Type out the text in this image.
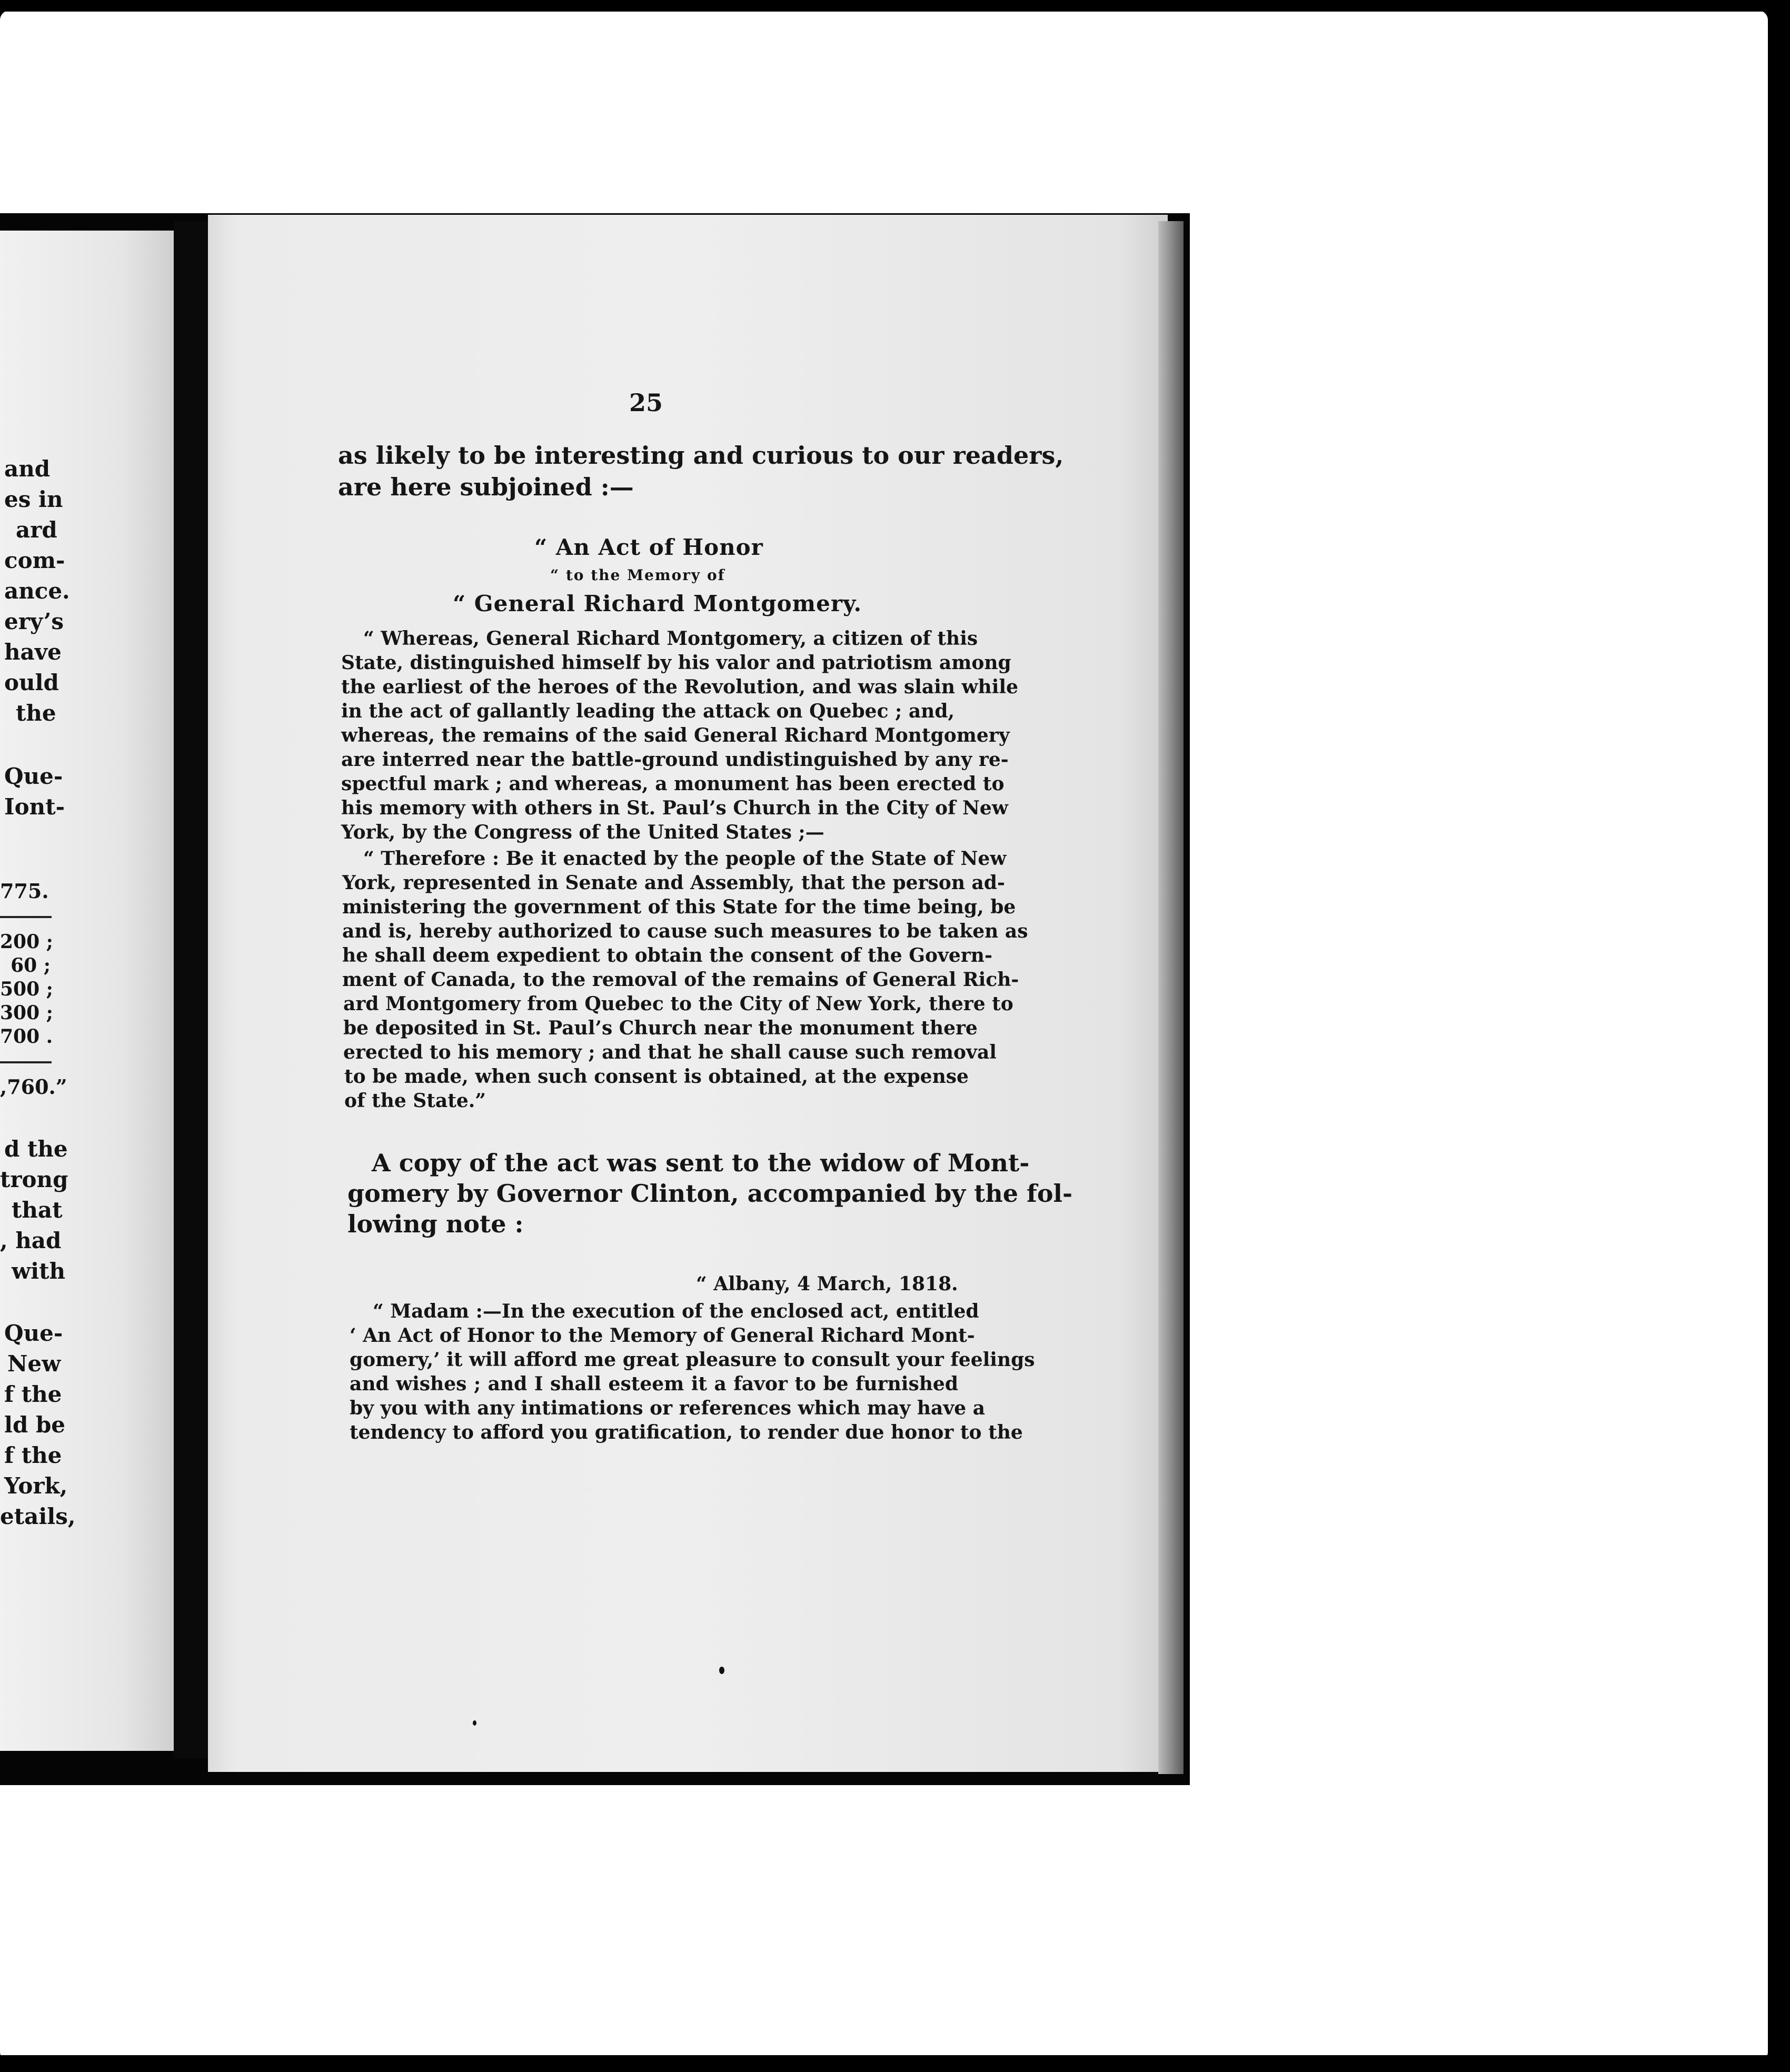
and
es in
ard
com-
ance.
ery’s
have
ould
the
Que-
Iont-
775.
200 ;
60 ;
500 ;
300 ;
700 .
,760.”
d the
trong
that
, had
with
Que-
New
f the
ld be
f the
York,
etails,
25
as likely to be interesting and curious to our readers,
are here subjoined :—
“ An Act of Honor
“ to the Memory of
“ General Richard Montgomery.
“ Whereas, General Richard Montgomery, a citizen of this
State, distinguished himself by his valor and patriotism among
the earliest of the heroes of the Revolution, and was slain while
in the act of gallantly leading the attack on Quebec ; and,
whereas, the remains of the said General Richard Montgomery
are interred near the battle-ground undistinguished by any re-
spectful mark ; and whereas, a monument has been erected to
his memory with others in St. Paul’s Church in the City of New
York, by the Congress of the United States ;—
“ Therefore : Be it enacted by the people of the State of New
York, represented in Senate and Assembly, that the person ad-
ministering the government of this State for the time being, be
and is, hereby authorized to cause such measures to be taken as
he shall deem expedient to obtain the consent of the Govern-
ment of Canada, to the removal of the remains of General Rich-
ard Montgomery from Quebec to the City of New York, there to
be deposited in St. Paul’s Church near the monument there
erected to his memory ; and that he shall cause such removal
to be made, when such consent is obtained, at the expense
of the State.”
A copy of the act was sent to the widow of Mont-
gomery by Governor Clinton, accompanied by the fol-
lowing note :
“ Albany, 4 March, 1818.
“ Madam :—In the execution of the enclosed act, entitled
‘ An Act of Honor to the Memory of General Richard Mont-
gomery,’ it will afford me great pleasure to consult your feelings
and wishes ; and I shall esteem it a favor to be furnished
by you with any intimations or references which may have a
tendency to afford you gratification, to render due honor to the
